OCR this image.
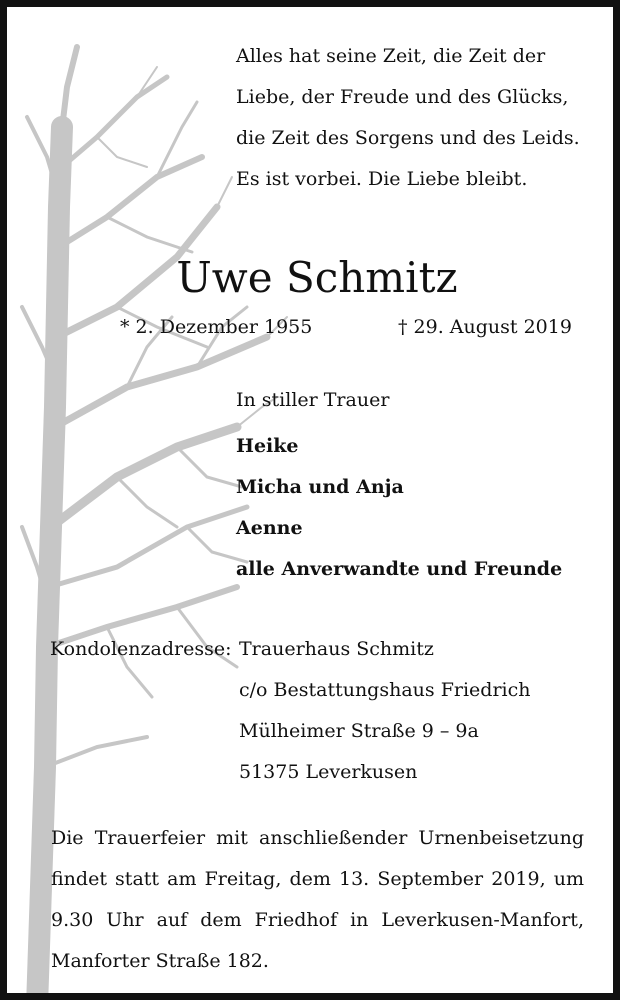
Alles hat seine Zeit, die Zeit der
Liebe, der Freude und des Glücks,
die Zeit des Sorgens und des Leids.
Es ist vorbei. Die Liebe bleibt.
Uwe Schmitz
* 2. Dezember 1955	† 29. August 2019
In stiller Trauer
Heike
Micha und Anja
Aenne
alle Anverwandte und Freunde
Kondolenzadresse: Trauerhaus Schmitz
c/o Bestattungshaus Friedrich
Mülheimer Straße 9 – 9a
51375 Leverkusen
Die Trauerfeier mit anschließender Urnenbeisetzung
findet statt am Freitag, dem 13. September 2019, um
9.30 Uhr auf dem Friedhof in Leverkusen-Manfort,
Manforter Straße 182.
